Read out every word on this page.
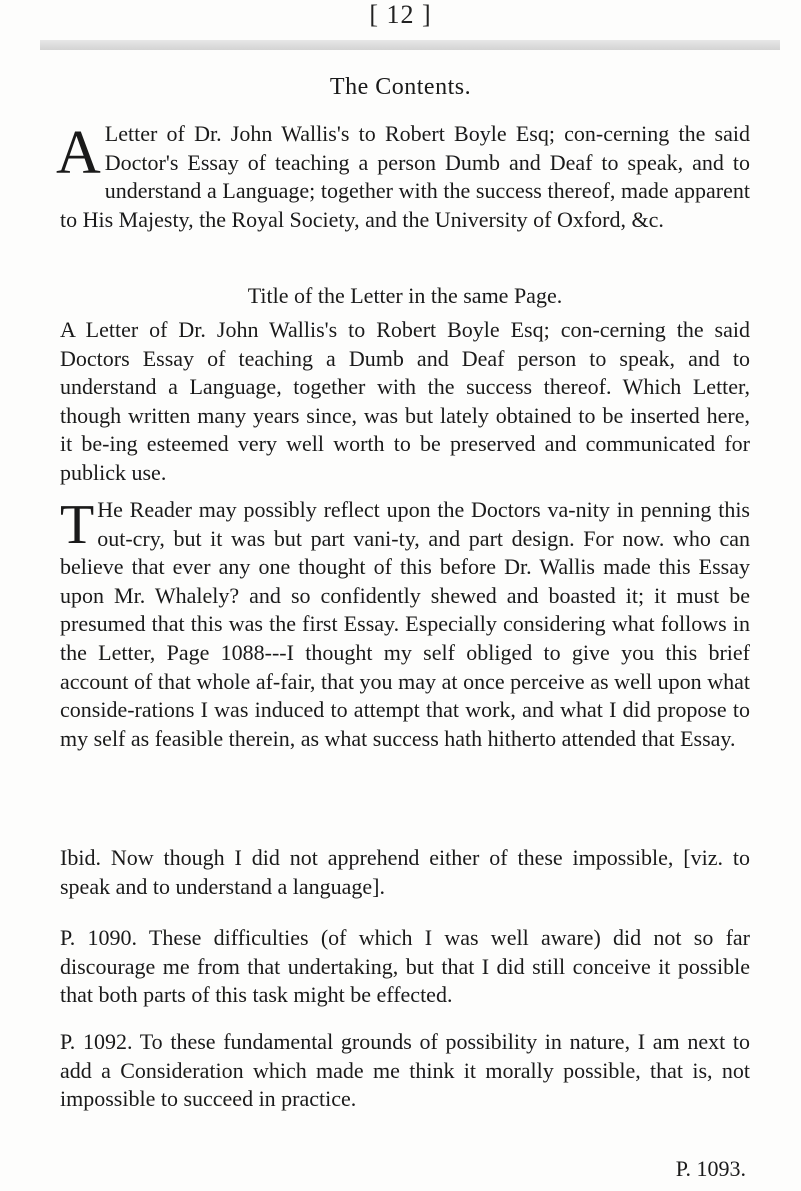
[ 12 ]
The Contents.
A Letter of Dr. John Wallis's to Robert Boyle Esq; con-cerning the said Doctor's Essay of teaching a person Dumb and Deaf to speak, and to understand a Language; together with the success thereof, made apparent to His Majesty, the Royal Society, and the University of Oxford, &c.
Title of the Letter in the same Page.
A Letter of Dr. John Wallis's to Robert Boyle Esq; con-cerning the said Doctors Essay of teaching a Dumb and Deaf person to speak, and to understand a Language, together with the success thereof. Which Letter, though written many years since, was but lately obtained to be inserted here, it be-ing esteemed very well worth to be preserved and communicated for publick use.
T He Reader may possibly reflect upon the Doctors va-nity in penning this out-cry, but it was but part vani-ty, and part design. For now. who can believe that ever any one thought of this before Dr. Wallis made this Essay upon Mr. Whalely? and so confidently shewed and boasted it; it must be presumed that this was the first Essay. Especially considering what follows in the Letter, Page 1088---I thought my self obliged to give you this brief account of that whole af-fair, that you may at once perceive as well upon what conside-rations I was induced to attempt that work, and what I did propose to my self as feasible therein, as what success hath hitherto attended that Essay.
Ibid. Now though I did not apprehend either of these impossible, [viz. to speak and to understand a language].
P. 1090. These difficulties (of which I was well aware) did not so far discourage me from that undertaking, but that I did still conceive it possible that both parts of this task might be effected.
P. 1092. To these fundamental grounds of possibility in nature, I am next to add a Consideration which made me think it morally possible, that is, not impossible to succeed in practice.
P. 1093.
